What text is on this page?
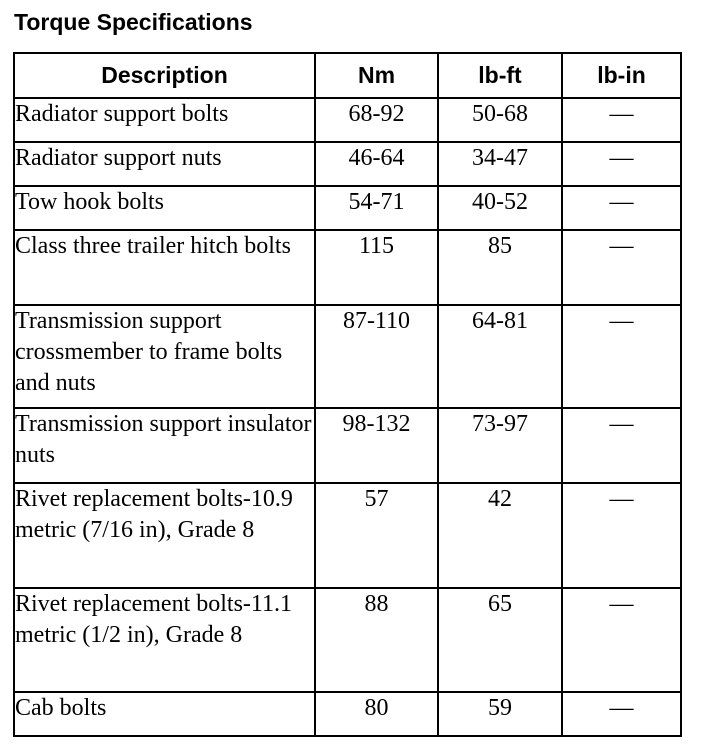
Torque Specifications
Description	Nm	lb-ft	lb-in
Radiator support bolts	68-92	50-68	—
Radiator support nuts	46-64	34-47	—
Tow hook bolts	54-71	40-52	—
Class three trailer hitch bolts	115	85	—
Transmission support crossmember to frame bolts and nuts	87-110	64-81	—
Transmission support insulator nuts	98-132	73-97	—
Rivet replacement bolts-10.9 metric (7/16 in), Grade 8	57	42	—
Rivet replacement bolts-11.1 metric (1/2 in), Grade 8	88	65	—
Cab bolts	80	59	—
